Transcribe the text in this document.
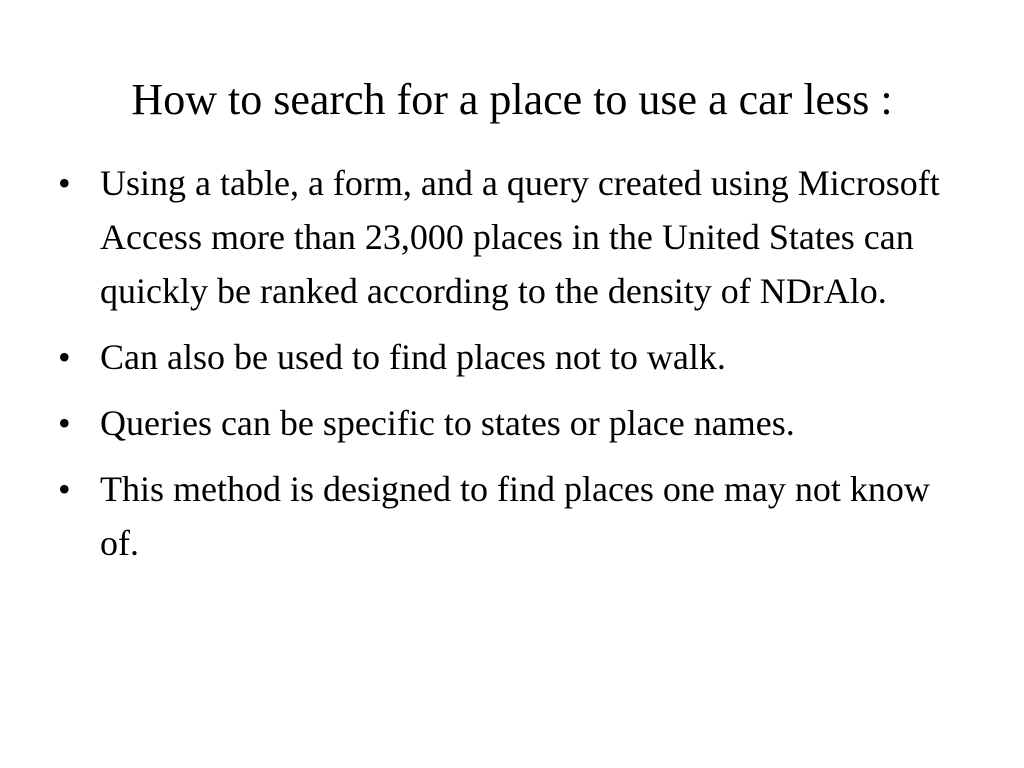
How to search for a place to use a car less :
• Using a table, a form, and a query created using Microsoft Access more than 23,000 places in the United States can quickly be ranked according to the density of NDrAlo.
• Can also be used to find places not to walk.
• Queries can be specific to states or place names.
• This method is designed to find places one may not know of.
